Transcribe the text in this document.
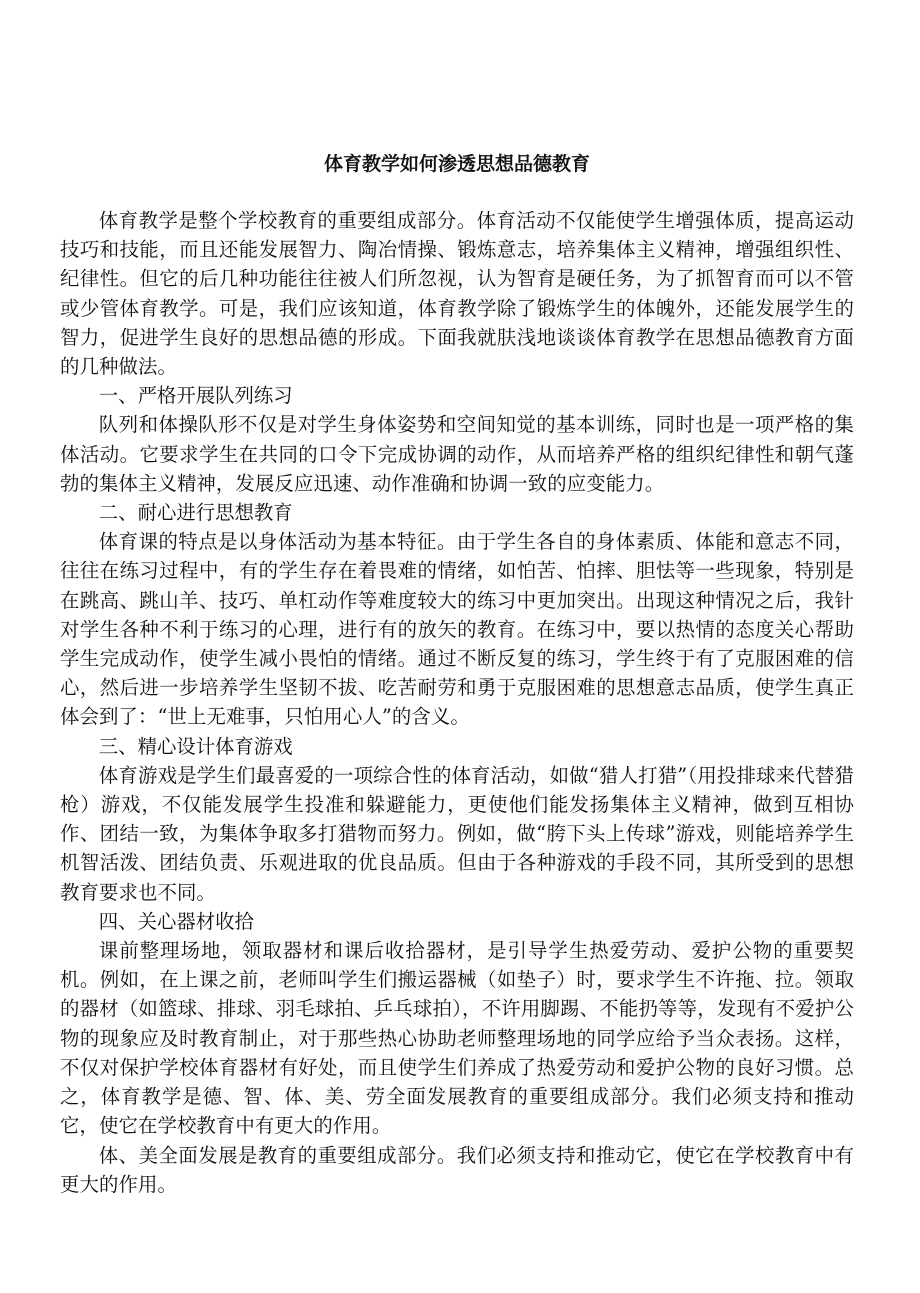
体育教学如何渗透思想品德教育

体育教学是整个学校教育的重要组成部分。体育活动不仅能使学生增强体质，提高运动技巧和技能，而且还能发展智力、陶冶情操、锻炼意志，培养集体主义精神，增强组织性、纪律性。但它的后几种功能往往被人们所忽视，认为智育是硬任务，为了抓智育而可以不管或少管体育教学。可是，我们应该知道，体育教学除了锻炼学生的体魄外，还能发展学生的智力，促进学生良好的思想品德的形成。下面我就肤浅地谈谈体育教学在思想品德教育方面的几种做法。

一、严格开展队列练习

队列和体操队形不仅是对学生身体姿势和空间知觉的基本训练，同时也是一项严格的集体活动。它要求学生在共同的口令下完成协调的动作，从而培养严格的组织纪律性和朝气蓬勃的集体主义精神，发展反应迅速、动作准确和协调一致的应变能力。

二、耐心进行思想教育

体育课的特点是以身体活动为基本特征。由于学生各自的身体素质、体能和意志不同，往往在练习过程中，有的学生存在着畏难的情绪，如怕苦、怕摔、胆怯等一些现象，特别是在跳高、跳山羊、技巧、单杠动作等难度较大的练习中更加突出。出现这种情况之后，我针对学生各种不利于练习的心理，进行有的放矢的教育。在练习中，要以热情的态度关心帮助学生完成动作，使学生减小畏怕的情绪。通过不断反复的练习，学生终于有了克服困难的信心，然后进一步培养学生坚韧不拔、吃苦耐劳和勇于克服困难的思想意志品质，使学生真正体会到了：“世上无难事，只怕用心人”的含义。

三、精心设计体育游戏

体育游戏是学生们最喜爱的一项综合性的体育活动，如做“猎人打猎”（用投排球来代替猎枪）游戏，不仅能发展学生投准和躲避能力，更使他们能发扬集体主义精神，做到互相协作、团结一致，为集体争取多打猎物而努力。例如，做“胯下头上传球”游戏，则能培养学生机智活泼、团结负责、乐观进取的优良品质。但由于各种游戏的手段不同，其所受到的思想教育要求也不同。

四、关心器材收拾

课前整理场地，领取器材和课后收拾器材，是引导学生热爱劳动、爱护公物的重要契机。例如，在上课之前，老师叫学生们搬运器械（如垫子）时，要求学生不许拖、拉。领取的器材（如篮球、排球、羽毛球拍、乒乓球拍），不许用脚踢、不能扔等等，发现有不爱护公物的现象应及时教育制止，对于那些热心协助老师整理场地的同学应给予当众表扬。这样，不仅对保护学校体育器材有好处，而且使学生们养成了热爱劳动和爱护公物的良好习惯。总之，体育教学是德、智、体、美、劳全面发展教育的重要组成部分。我们必须支持和推动它，使它在学校教育中有更大的作用。

体、美全面发展是教育的重要组成部分。我们必须支持和推动它，使它在学校教育中有更大的作用。
